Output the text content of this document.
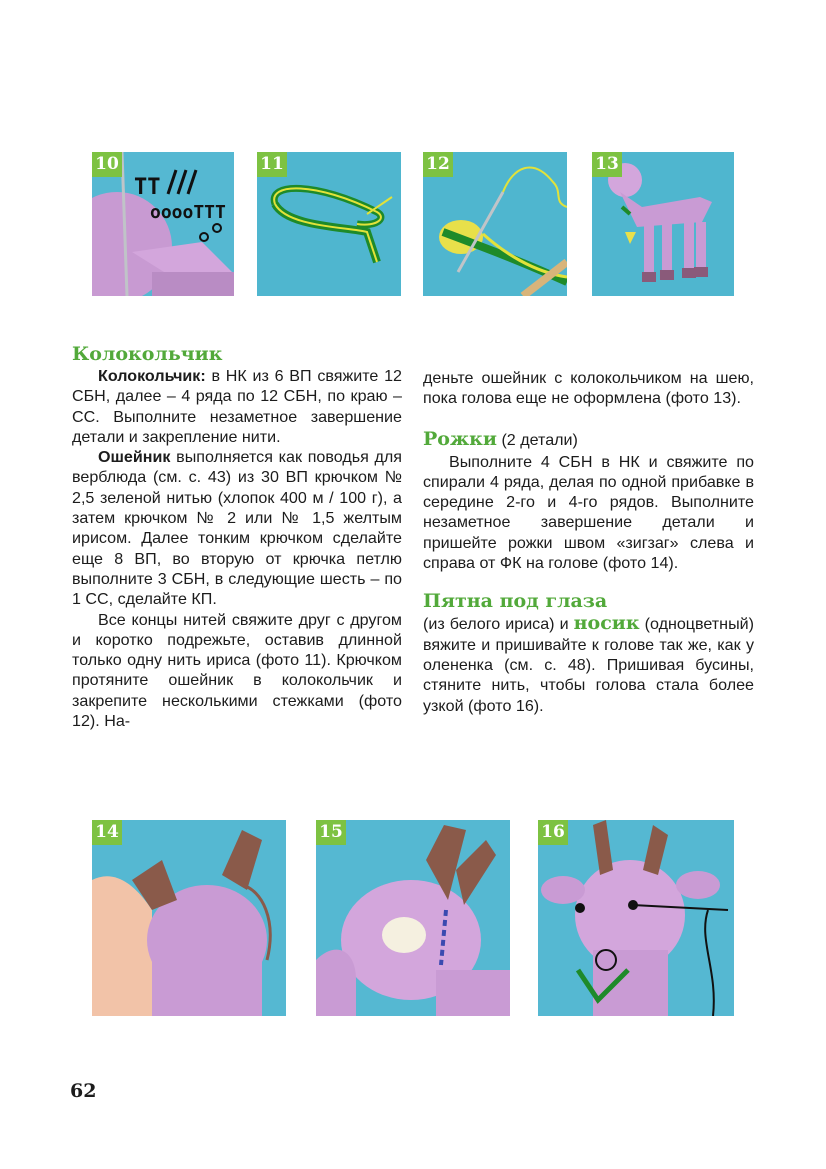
TT
ooooTTT
10	11	12	13
Колокольчик

Колокольчик: в НК из 6 ВП свяжите 12 СБН, далее – 4 ряда по 12 СБН, по краю – СС. Выполните незаметное завершение детали и закрепление нити.

Ошейник выполняется как поводья для верблюда (см. с. 43) из 30 ВП крючком № 2,5 зеленой нитью (хлопок 400 м / 100 г), а затем крючком № 2 или № 1,5 желтым ирисом. Далее тонким крючком сделайте еще 8 ВП, во вторую от крючка петлю выполните 3 СБН, в следующие шесть – по 1 СС, сделайте КП.

Все концы нитей свяжите друг с другом и коротко подрежьте, оставив длинной только одну нить ириса (фото 11). Крючком протяните ошейник в колокольчик и закрепите несколькими стежками (фото 12). На-

деньте ошейник с колокольчиком на шею, пока голова еще не оформлена (фото 13).

Рожки (2 детали)

Выполните 4 СБН в НК и свяжите по спирали 4 ряда, делая по одной прибавке в середине 2-го и 4-го рядов. Выполните незаметное завершение детали и пришейте рожки швом «зигзаг» слева и справа от ФК на голове (фото 14).

Пятна под глаза

(из белого ириса) и носик (одноцветный) вяжите и пришивайте к голове так же, как у олененка (см. с. 48). Пришивая бусины, стяните нить, чтобы голова стала более узкой (фото 16).

14	15	16
62
